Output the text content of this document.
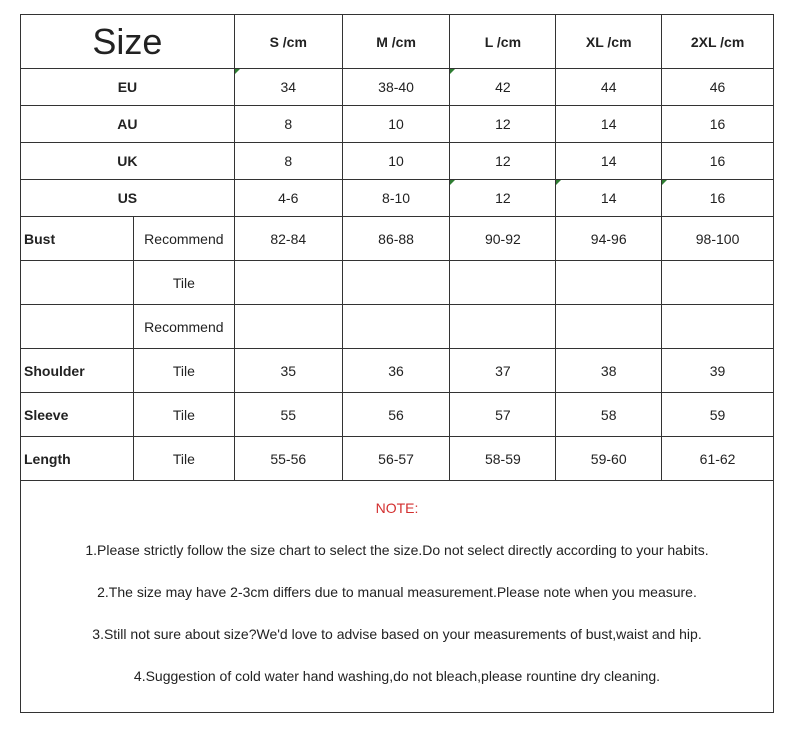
Size		S /cm	M /cm	L /cm	XL /cm	2XL /cm
EU		34	38-40	42	44	46
AU		8	10	12	14	16
UK		8	10	12	14	16
US		4-6	8-10	12	14	16
Bust	Recommend	82-84	86-88	90-92	94-96	98-100
	Tile					
	Recommend					
Shoulder	Tile	35	36	37	38	39
Sleeve	Tile	55	56	57	58	59
Length	Tile	55-56	56-57	58-59	59-60	61-62
NOTE:
1.Please strictly follow the size chart to select the size.Do not select directly according to your habits.
2.The size may have 2-3cm differs due to manual measurement.Please note when you measure.
3.Still not sure about size?We'd love to advise based on your measurements of bust,waist and hip.
4.Suggestion of cold water hand washing,do not bleach,please rountine dry cleaning.
